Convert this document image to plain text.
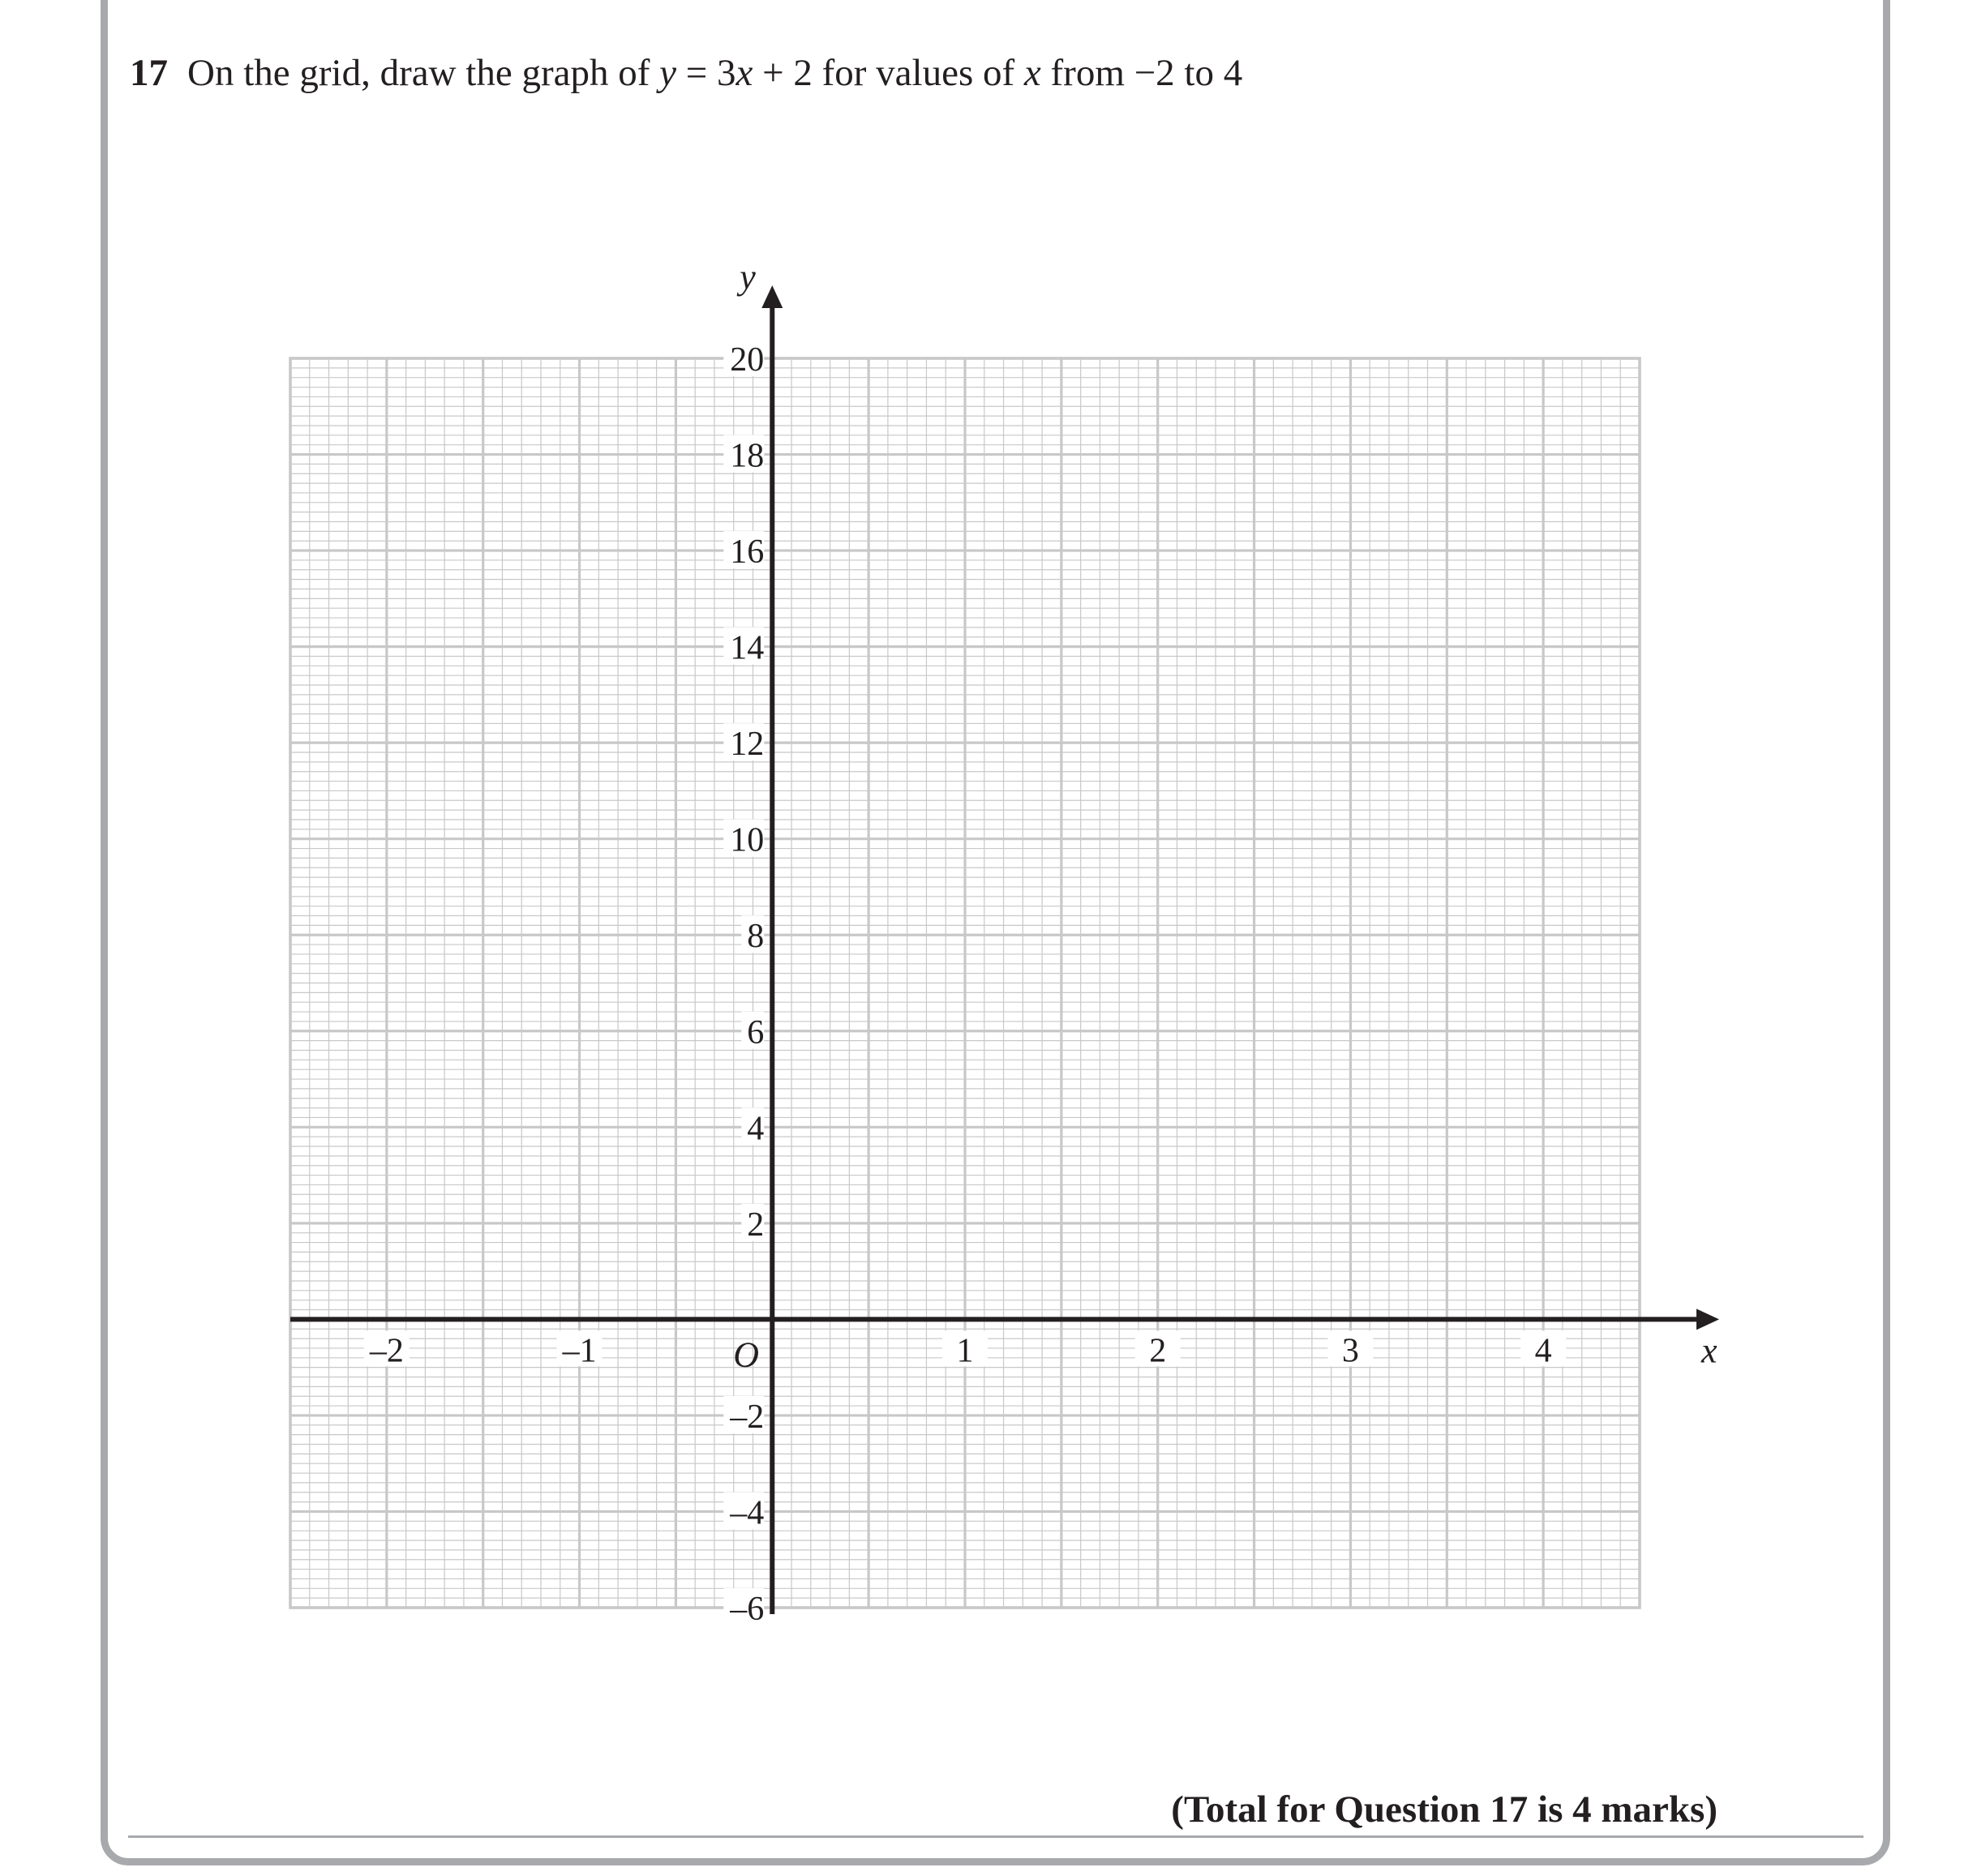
17 On the grid, draw the graph of y = 3x + 2 for values of x from −2 to 4
x
y
O
–2	–1	1	2	3	4
20
18
16
14
12
10
8
6
4
2
–2
–4
–6
(Total for Question 17 is 4 marks)
